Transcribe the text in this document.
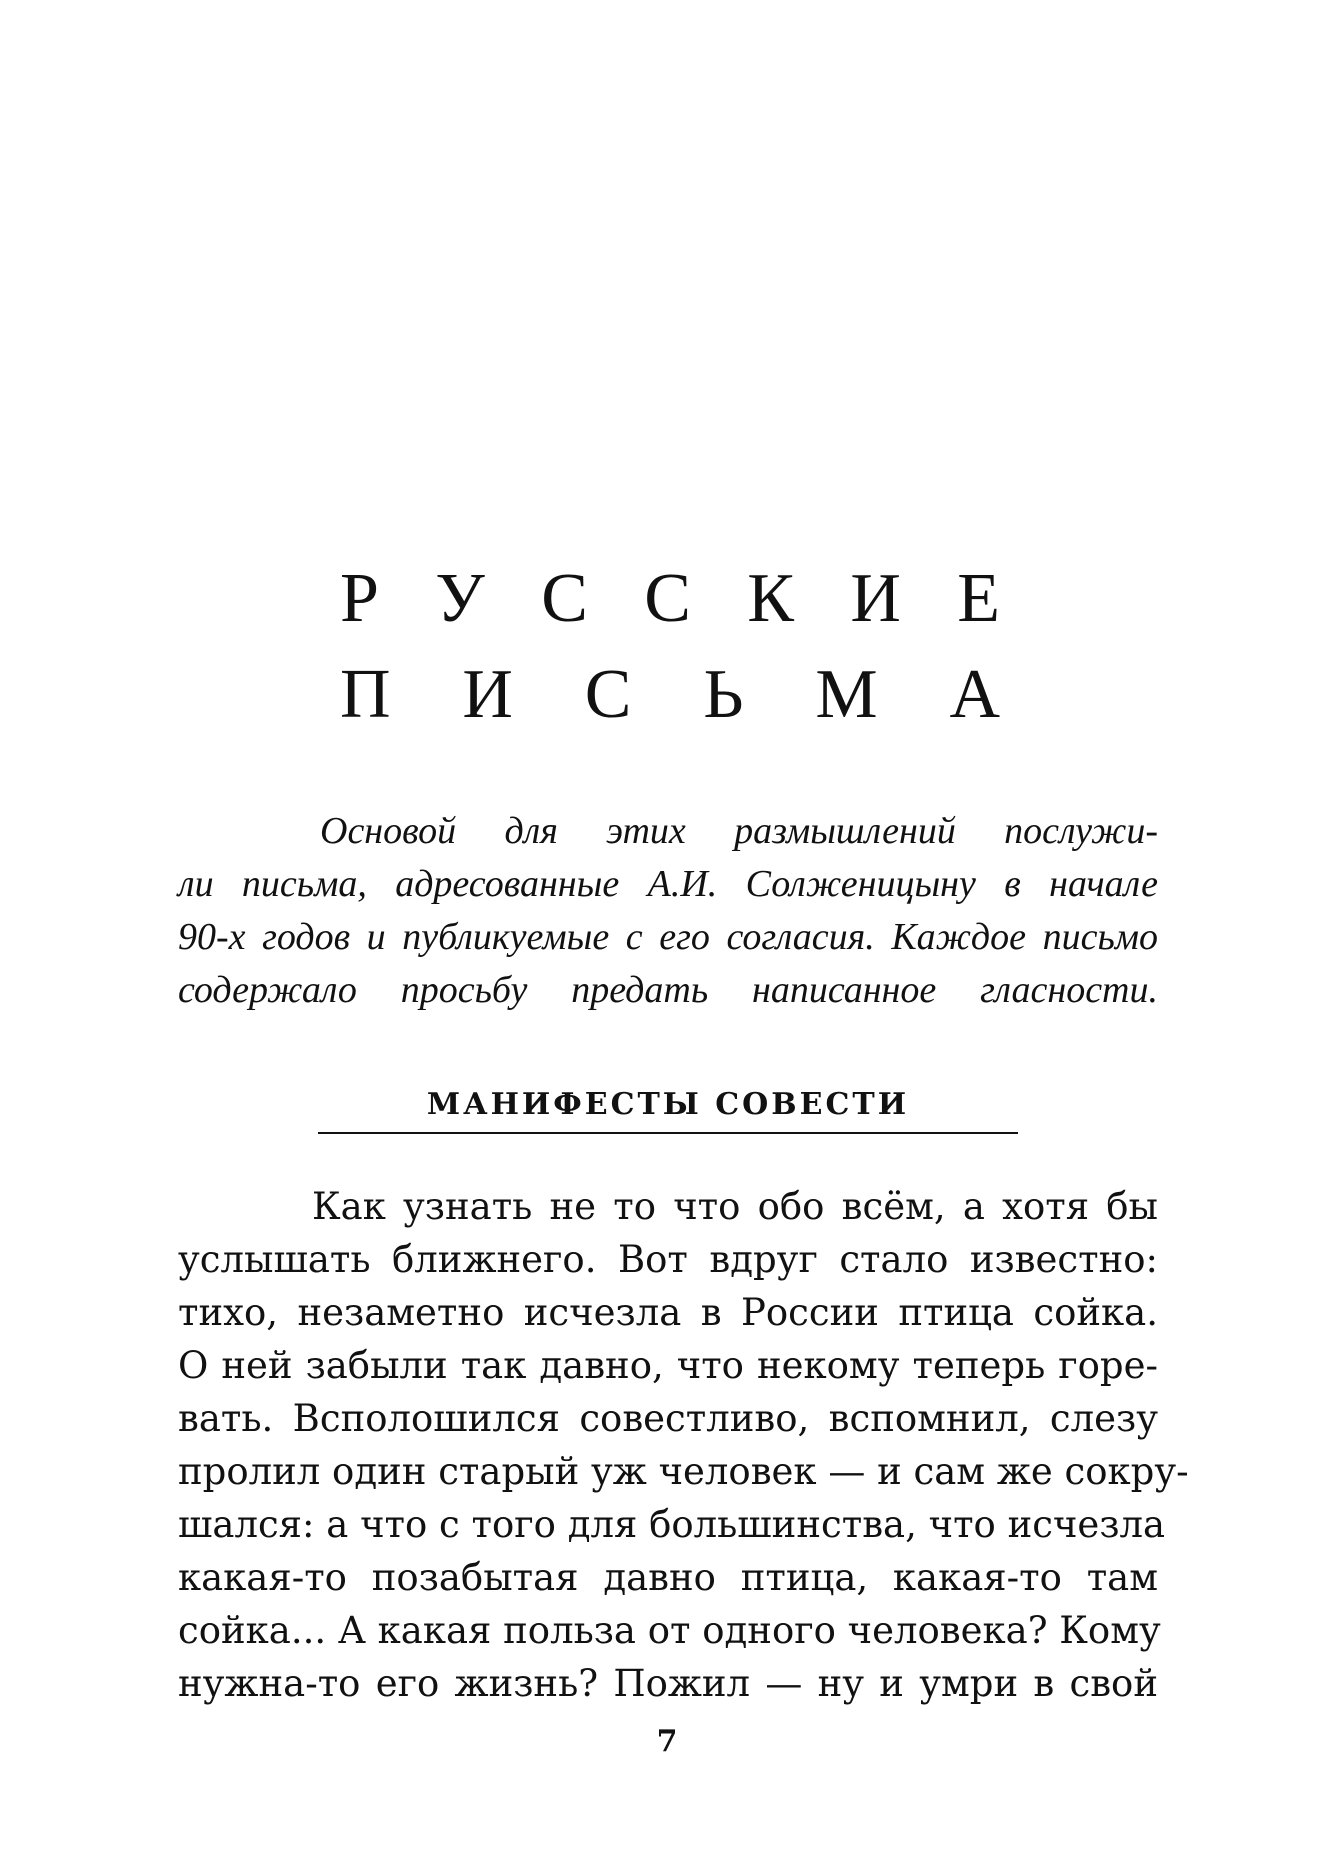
Р У С С К И Е
П И С Ь М А
Основой для этих размышлений послужи-
ли письма, адресованные А.И. Солженицыну в начале
90-х годов и публикуемые с его согласия. Каждое письмо
содержало просьбу предать написанное гласности.
МАНИФЕСТЫ СОВЕСТИ
Как узнать не то что обо всём, а хотя бы
услышать ближнего. Вот вдруг стало известно:
тихо, незаметно исчезла в России птица сойка.
О ней забыли так давно, что некому теперь горе-
вать. Всполошился совестливо, вспомнил, слезу
пролил один старый уж человек — и сам же сокру-
шался: а что с того для большинства, что исчезла
какая-то позабытая давно птица, какая-то там
сойка... А какая польза от одного человека? Кому
нужна-то его жизнь? Пожил — ну и умри в свой
7
